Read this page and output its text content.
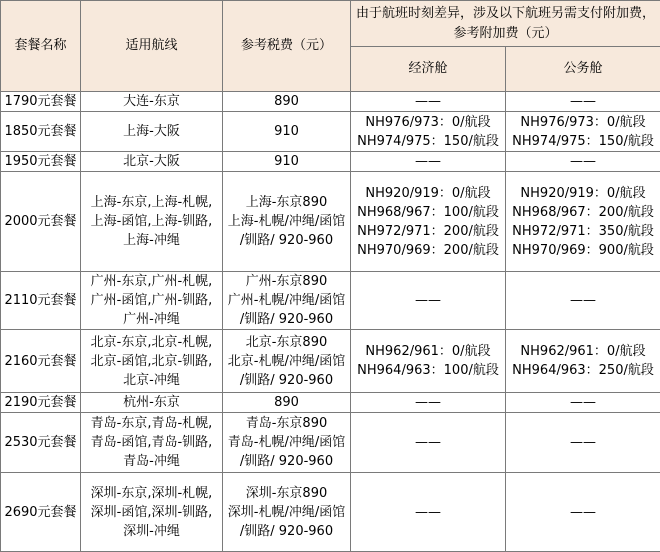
套餐名称	适用航线	参考税费（元）	由于航班时刻差异，涉及以下航班另需支付附加费，
参考附加费（元）	

			经济舱	公务舱
1790元套餐	大连-东京	890	——	——

1850元套餐	上海-大阪	910	NH976/973：0/航段
NH974/975：150/航段	NH976/973：0/航段
NH974/975：150/航段

1950元套餐	北京-大阪	910	——	——

2000元套餐	上海-东京,上海-札幌,
上海-函馆,上海-钏路,
上海-冲绳	上海-东京890
上海-札幌/冲绳/函馆
/钏路/ 920-960	NH920/919：0/航段
NH968/967：100/航段
NH972/971：200/航段
NH970/969：200/航段	NH920/919：0/航段
NH968/967：200/航段
NH972/971：350/航段
NH970/969：900/航段

2110元套餐	广州-东京,广州-札幌,
广州-函馆,广州-钏路,
广州-冲绳	广州-东京890
广州-札幌/冲绳/函馆
/钏路/ 920-960	——	——

2160元套餐	北京-东京,北京-札幌,
北京-函馆,北京-钏路,
北京-冲绳	北京-东京890
北京-札幌/冲绳/函馆
/钏路/ 920-960	NH962/961：0/航段
NH964/963：100/航段	NH962/961：0/航段
NH964/963：250/航段

2190元套餐	杭州-东京	890	——	——

2530元套餐	青岛-东京,青岛-札幌,
青岛-函馆,青岛-钏路,
青岛-冲绳	青岛-东京890
青岛-札幌/冲绳/函馆
/钏路/ 920-960	——	——

2690元套餐	深圳-东京,深圳-札幌,
深圳-函馆,深圳-钏路,
深圳-冲绳	深圳-东京890
深圳-札幌/冲绳/函馆
/钏路/ 920-960	——	——
